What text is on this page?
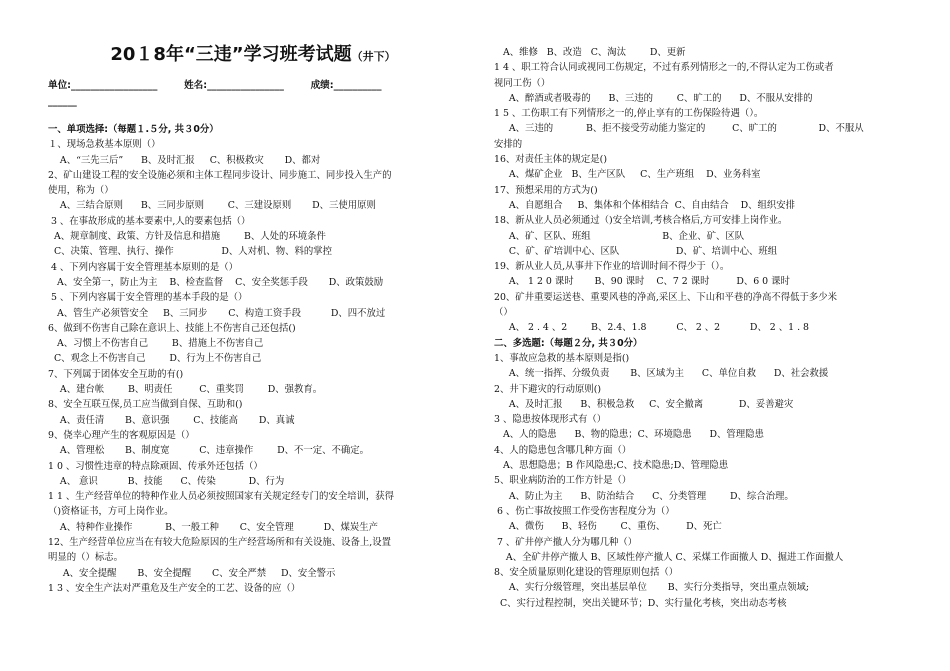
20１8年“三违”学习班考试题（井下）
单位:__________________        姓名:________________        成绩:__________
______
一、单项选择:（每题１.５分, 共３0分）
１、现场急救基本原则（）
A、“三先三后”      B、及时汇报     C、积极救灾       D、都对
2、矿山建设工程的安全设施必须和主体工程同步设计、同步施工、同步投入生产的
使用，称为（）
A、三结合原则      B、三同步原则        C、三建设原则       D、三使用原则
3 、在事故形成的基本要素中,人的要素包括（）
A、规章制度、政策、方针及信息和措施        B、人处的环境条件
C、决策、管理、执行、操作                D、人对机、物、料的掌控
4 、下列内容属于安全管理基本原则的是（）
A、安全第一，防止为主    B、检查监督    C、安全奖惩手段       D、政策鼓励
5 、下列内容属于安全管理的基本手段的是（）
A、管生产必须管安全     B、三同步       C、构造工资手段          D、四不放过
6、做到不伤害自己除在意识上、技能上不伤害自己还包括()
A、习惯上不伤害自己        B、措施上不伤害自己
C、观念上不伤害自己        D、行为上不伤害自己
7、下列属于团体安全互助的有()
A、建台帐        B、明责任         C、重奖罚        D、强教育。
8、安全互联互保,员工应当做到自保、互助和()
A、责任清       B、意识强        C、技能高       D、真诚
9、侥幸心理产生的客观原因是（）
A、管理松       B、制度宽          C、违章操作        D、不一定、不确定。
1 0 、习惯性违章的特点除顽固、传承外还包括（）
A、 意识          B、技能      C、传染           D、行为
1 1 、生产经营单位的特种作业人员必须按照国家有关规定经专门的安全培训，获得
（)资格证书，方可上岗作业。
A、特种作业操作           B、一般工种       C、安全管理          D、煤炭生产
12、生产经营单位应当在有较大危险原因的生产经营场所和有关设施、设备上,设置
明显的（）标志。
A、安全提醒       B、安全提醒       C、安全严禁     D、安全警示
1 3 、安全生产法对严重危及生产安全的工艺、设备的应（）
A、维修   B、改造   C、淘汰        D、更新
1 4 、职工符合认同或视同工伤规定，不过有系列情形之一的,不得认定为工伤或者
视同工伤（）
A、醉酒或者吸毒的      B、三违的        C、旷工的      D、不服从安排的
1 5 、工伤职工有下列情形之一的,停止享有的工伤保险待遇（）。
A、三违的           B、拒不接受劳动能力鉴定的         C、旷工的              D、不服从
安排的
16、对责任主体的规定是()
A、煤矿企业   B、生产区队     C、生产班组    D、业务科室
17、预想采用的方式为()
A、自愿组合     B、集体和个体相结合  C、自由结合    D、组织安排
18、新从业人员必须通过（)安全培训,考核合格后,方可安排上岗作业。
A、矿、区队、班组                        B、企业、矿、区队
C、矿、矿培训中心、区队                   D、矿、培训中心、班组
19、新从业人员,从事井下作业的培训时间不得少于（）。
A、 1 2 0 课时       B、90 课时    C、7 2 课时         D、6 0 课时
20、矿井重要运送巷、重要风巷的净高,采区上、下山和平巷的净高不得低于多少米
（）
A、 2 . 4 、2        B、2.4、1.8          C、 2 、2          D、 2 、1 . 8
二、多选题:（每题２分, 共３0分）
1、事故应急救的基本原则是指()
A、统一指挥、分级负责       B、区域为主      C、单位自救      D、社会救援
2、井下避灾的行动原则()
A、及时汇报      B、积极急救     C、安全撤离            D、妥善避灾
3 、隐患按体现形式有（）
A、人的隐患      B、物的隐患；C、环境隐患      D、管理隐患
4、人的隐患包含哪几种方面（）
A、思想隐患；B 作风隐患;C、技术隐患;D、管理隐患
5、职业病防治的工作方针是（）
A、防止为主      B、防治结合      C、分类管理        D、综合治理。
6 、伤亡事故按照工作受伤害程度分为（）
A、微伤      B、轻伤        C、重伤、       D、死亡
7 、矿井停产撤人分为哪几种（）
A、全矿井停产撤人 B、区域性停产撤人 C、采煤工作面撤人 D、掘进工作面撤人
8、安全质量原则化建设的管理原则包括（）
A、实行分级管理，突出基层单位       B、实行分类指导，突出重点领域;
C、实行过程控制，突出关键环节；D、实行量化考核，突出动态考核
